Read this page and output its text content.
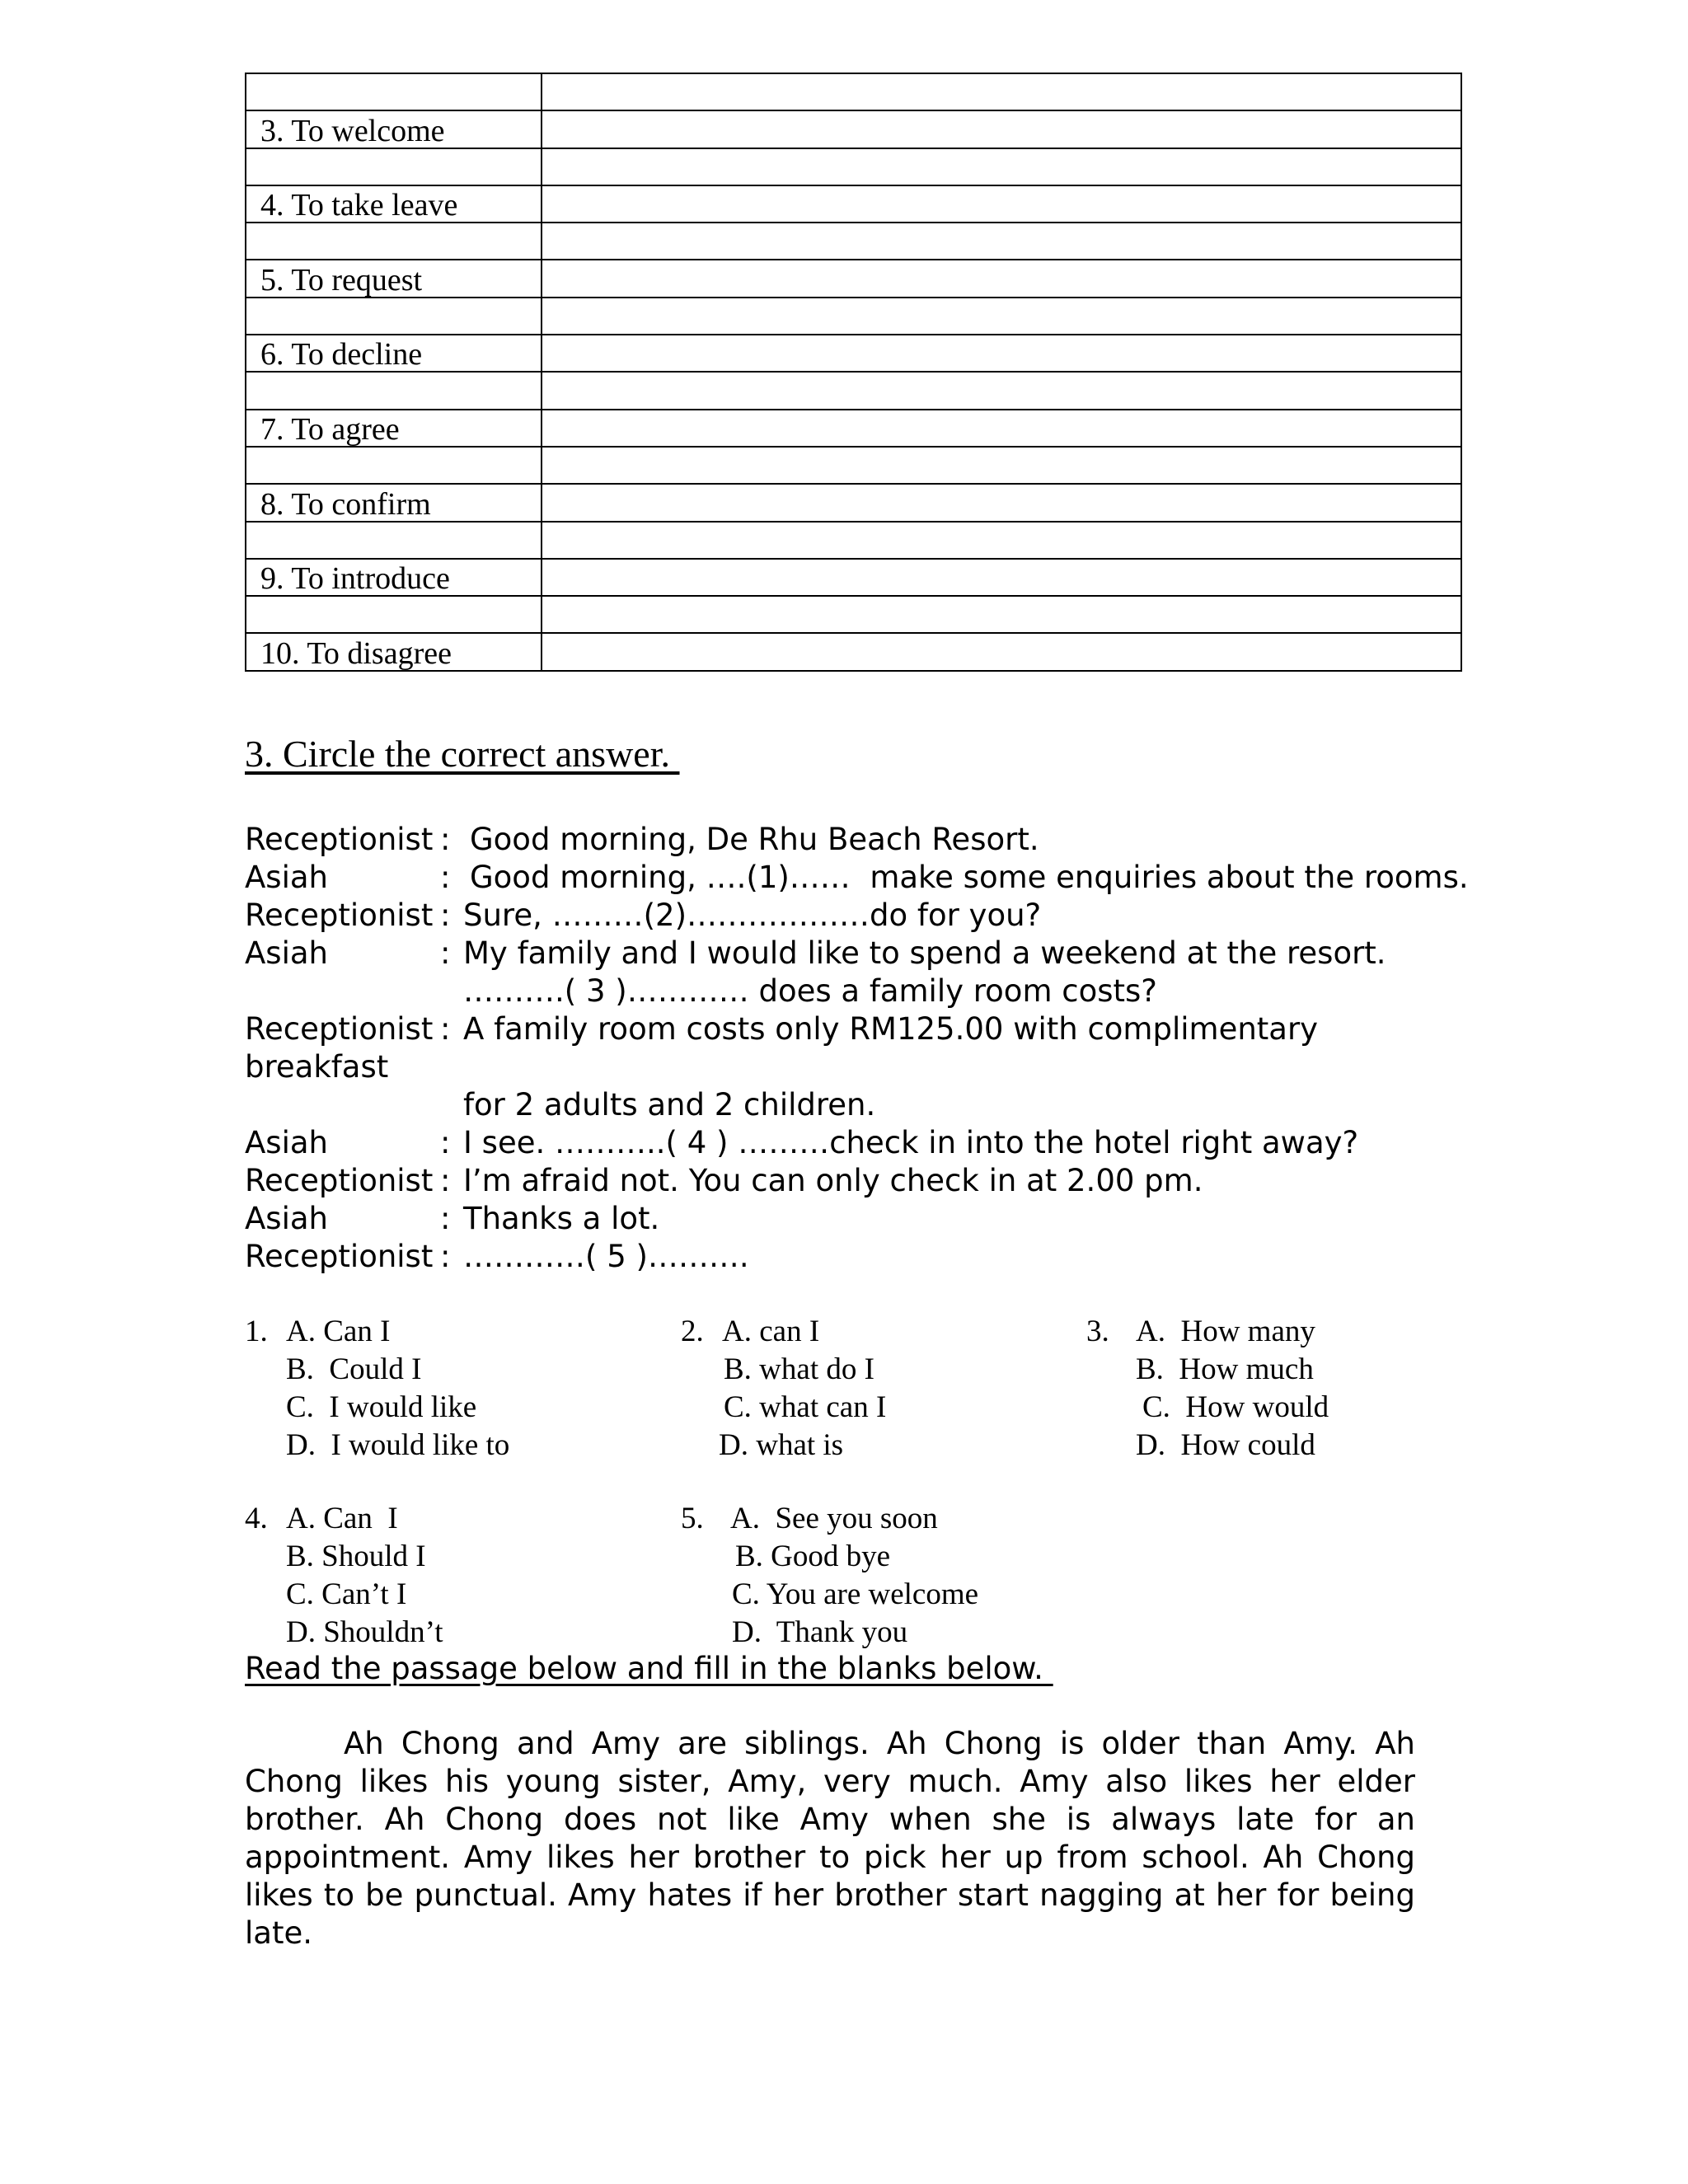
3. To welcome	

4. To take leave	

5. To request	

6. To decline	

7. To agree	

8. To confirm	

9. To introduce	

10. To disagree	
3. Circle the correct answer.
Receptionist : Good morning, De Rhu Beach Resort.
Asiah	: Good morning, ….(1)……  make some enquiries about the rooms.
Receptionist : Sure, ………(2)………………do for you?
Asiah	: My family and I would like to spend a weekend at the resort.
……….( 3 )………… does a family room costs?
Receptionist : A family room costs only RM125.00 with complimentary
breakfast
for 2 adults and 2 children.
Asiah	: I see. ………..( 4 ) ………check in into the hotel right away?
Receptionist : I’m afraid not. You can only check in at 2.00 pm.
Asiah	: Thanks a lot.
Receptionist : …………( 5 )……….
1. A. Can I
B.  Could I
C.  I would like
D.  I would like to
2. A. can I
B. what do I
C. what can I
D. what is
3. A.  How many
B.  How much
C.  How would
D.  How could
4. A. Can  I
B. Should I
C. Can’t I
D. Shouldn’t
5. A.  See you soon
B. Good bye
C. You are welcome
D.  Thank you
Read the passage below and fill in the blanks below.
Ah Chong and Amy are siblings. Ah Chong is older than Amy. Ah Chong likes his young sister, Amy, very much. Amy also likes her elder brother. Ah Chong does not like Amy when she is always late for an appointment. Amy likes her brother to pick her up from school. Ah Chong likes to be punctual. Amy hates if her brother start nagging at her for being late.
